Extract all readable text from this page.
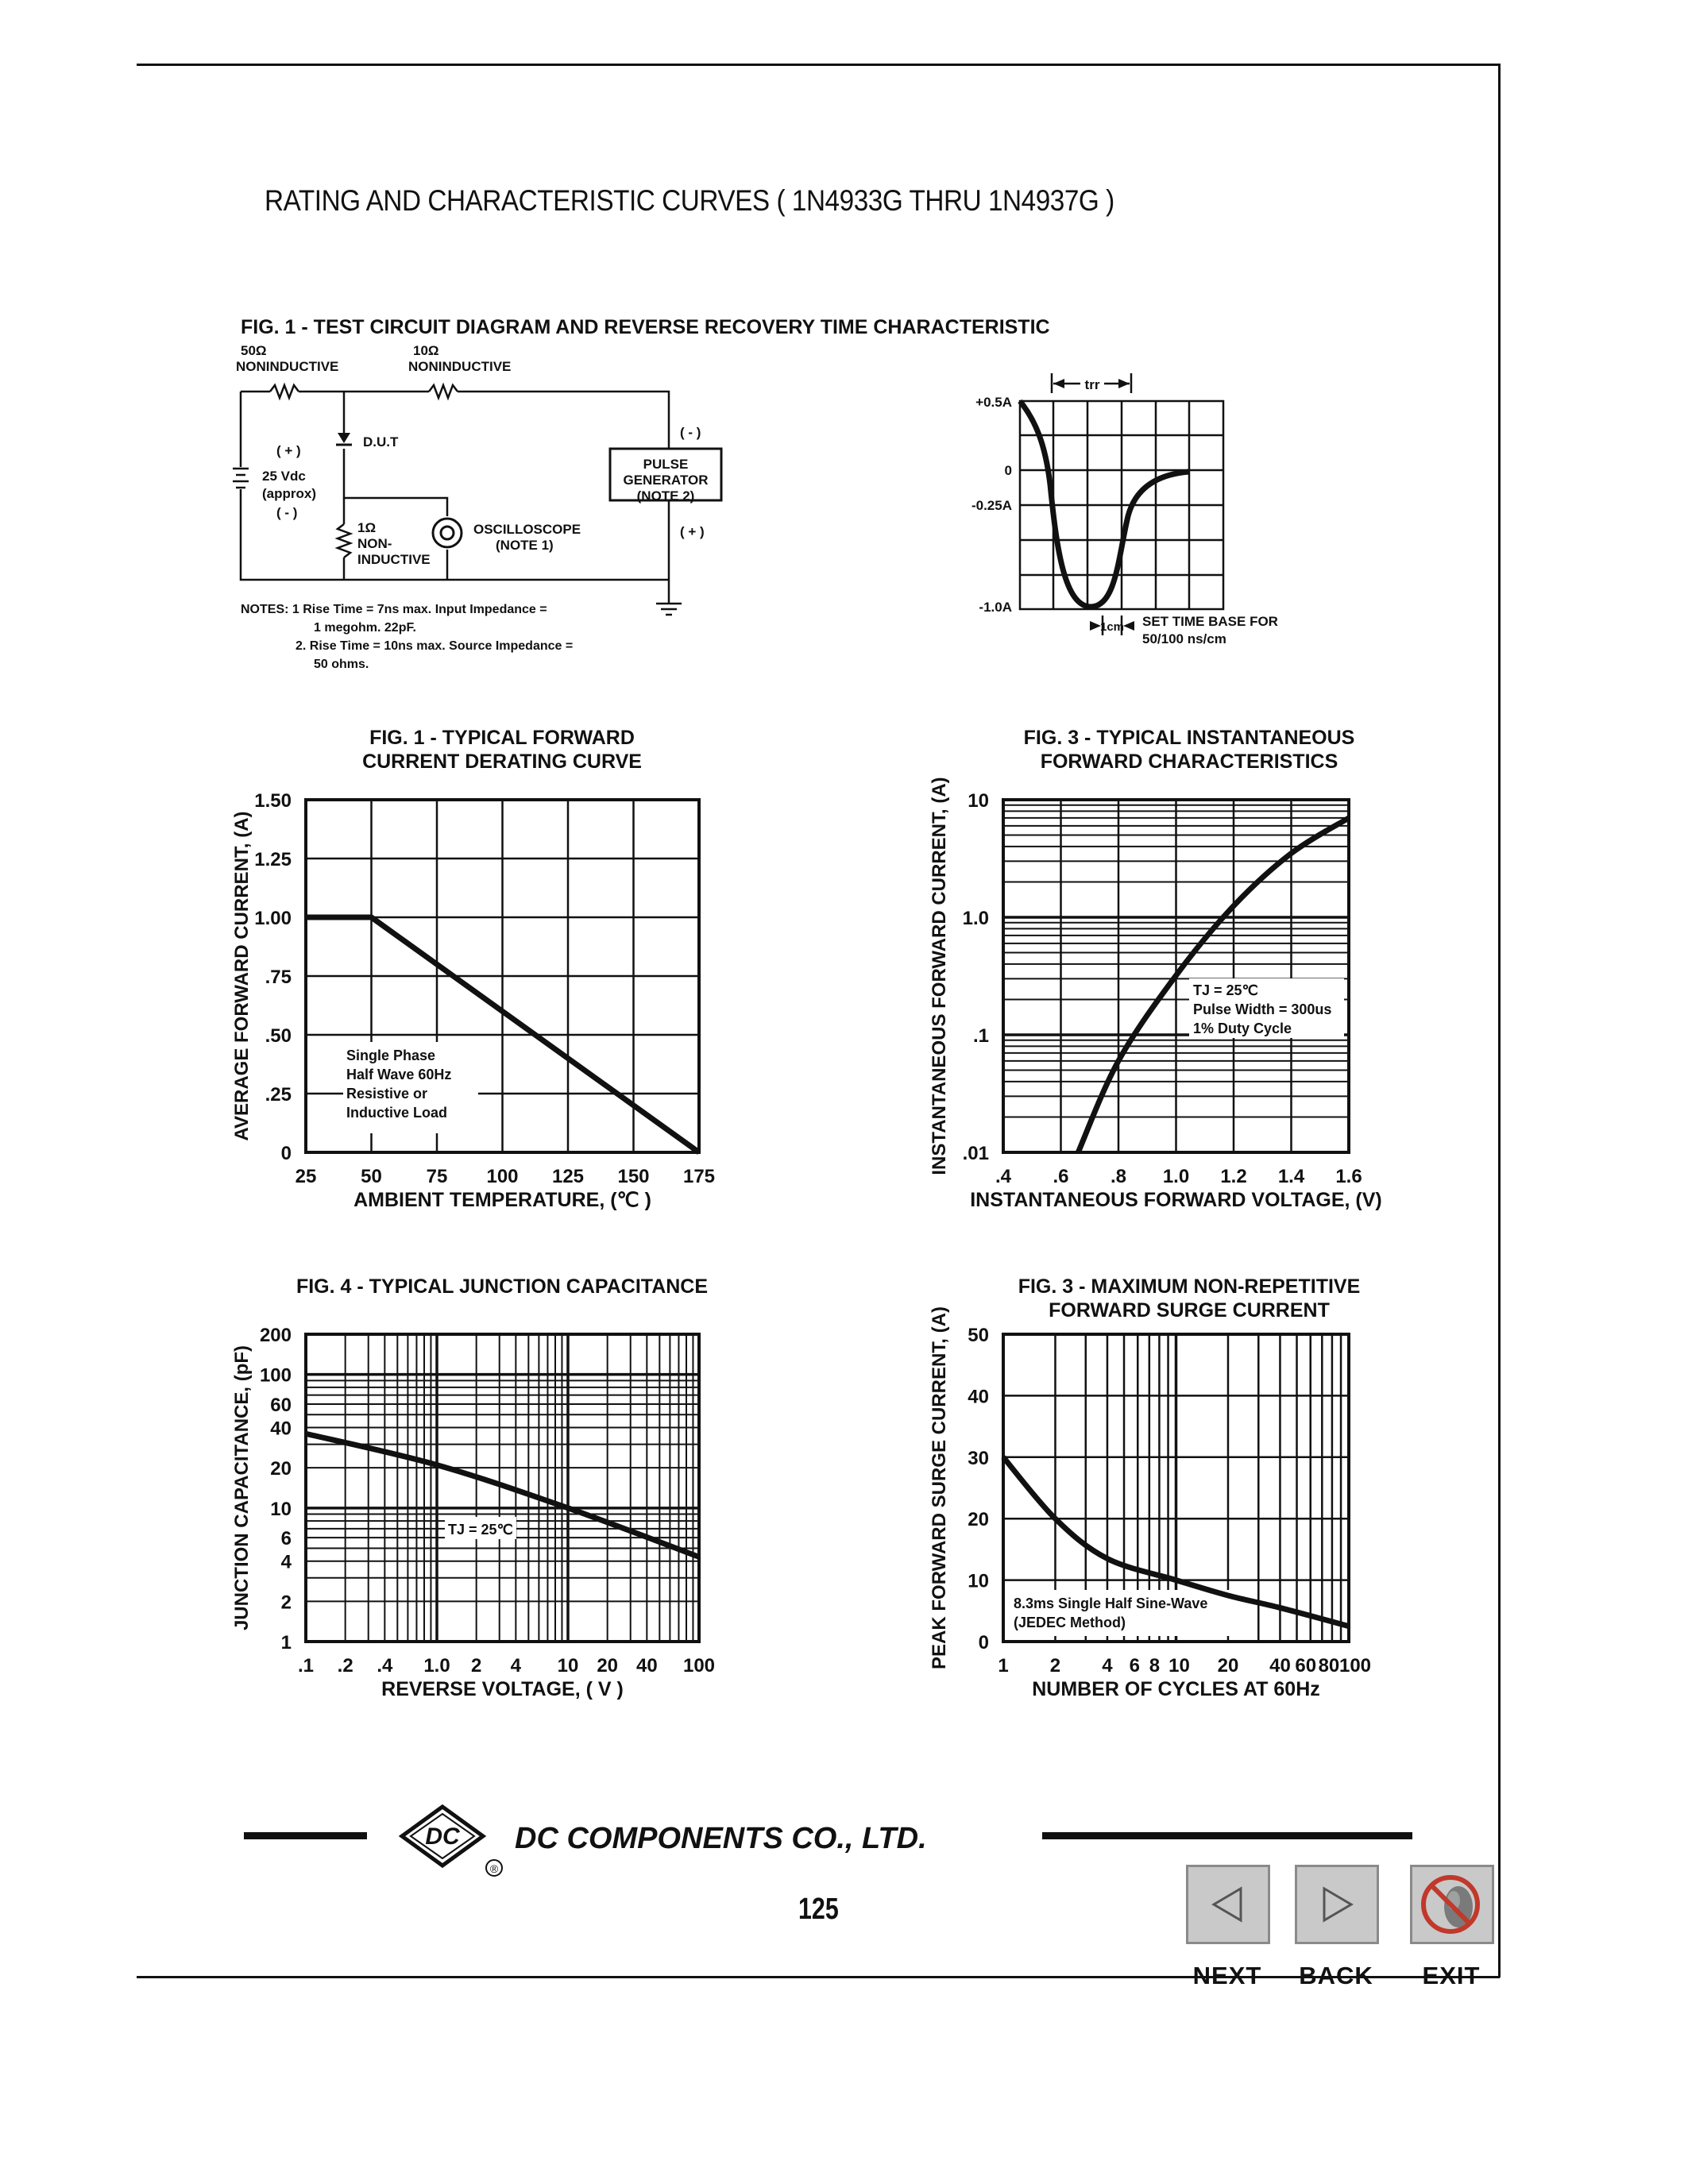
RATING AND CHARACTERISTIC CURVES ( 1N4933G THRU 1N4937G )
FIG. 1 - TEST CIRCUIT DIAGRAM AND REVERSE RECOVERY TIME CHARACTERISTIC
50Ω
NONINDUCTIVE
10Ω
NONINDUCTIVE
D.U.T
( + )
25 Vdc
(approx)
( - )
1Ω
NON-
INDUCTIVE
OSCILLOSCOPE
(NOTE 1)
( - )
( + )
PULSE
GENERATOR
(NOTE 2)
NOTES: 1 Rise Time = 7ns max. Input Impedance =
1 megohm. 22pF.
2. Rise Time = 10ns max. Source Impedance =
50 ohms.
trr
+0.5A
0
-0.25A
-1.0A
1cm SET TIME BASE FOR
50/100 ns/cm
25 50 75 100 125 150 175
0
.25
.50
.75
1.00
1.25
1.50
FIG. 1 - TYPICAL FORWARD
CURRENT DERATING CURVE
AMBIENT TEMPERATURE, (℃ )
AVERAGE FORWARD CURRENT, (A)	Single Phase
Half Wave 60Hz
Resistive or
Inductive Load
.4 .6 .8 1.0 1.2 1.4 1.6
.01
.1
1.0
10
FIG. 3 - TYPICAL INSTANTANEOUS
FORWARD CHARACTERISTICS
INSTANTANEOUS FORWARD VOLTAGE, (V)
INSTANTANEOUS FORWARD CURRENT, (A)	TJ = 25℃
Pulse Width = 300us
1% Duty Cycle
.1 .2 .4 1.0 2 4 10 20 40 100
1
2
4
6
10
20
40
60
100
200
FIG. 4 - TYPICAL JUNCTION CAPACITANCE
REVERSE VOLTAGE, ( V )
JUNCTION CAPACITANCE, (pF)	TJ = 25℃
1 2 4 6 8 10 20 40 60 80 100
0
10
20
30
40
50
FIG. 3 - MAXIMUM NON-REPETITIVE
FORWARD SURGE CURRENT
NUMBER OF CYCLES AT 60Hz
PEAK FORWARD SURGE CURRENT, (A)	8.3ms Single Half Sine-Wave
(JEDEC Method)
DC
®
DC COMPONENTS CO., LTD.
125
NEXT	BACK	EXIT
